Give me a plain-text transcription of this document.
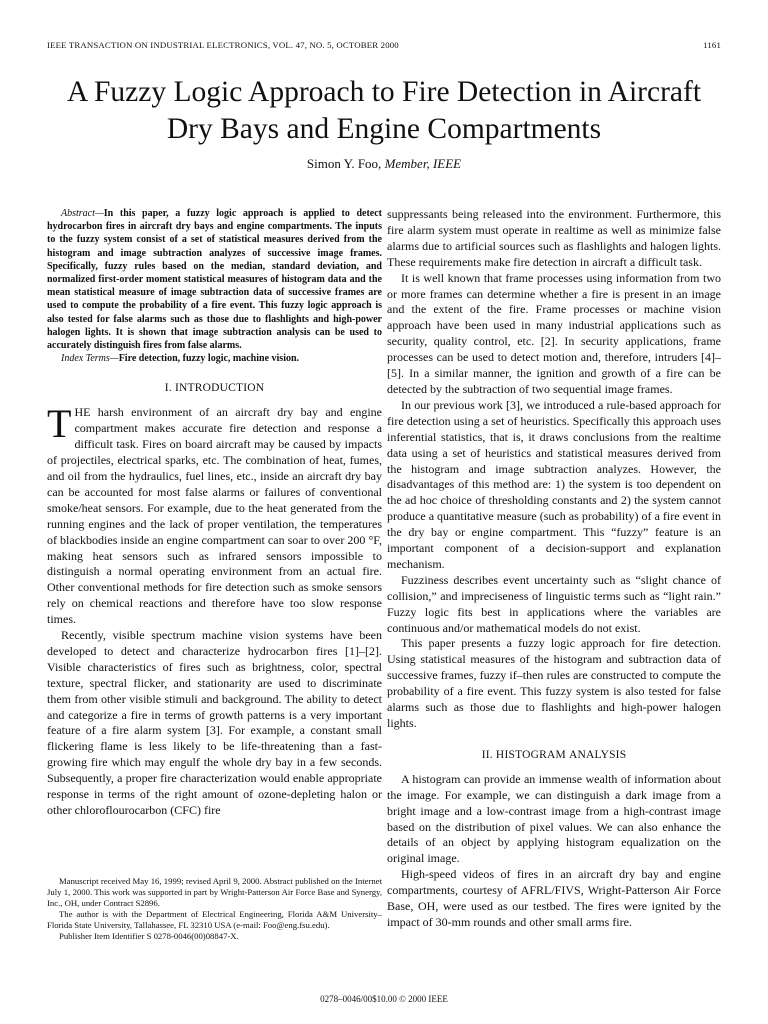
IEEE TRANSACTION ON INDUSTRIAL ELECTRONICS, VOL. 47, NO. 5, OCTOBER 2000	1161
A Fuzzy Logic Approach to Fire Detection in Aircraft
Dry Bays and Engine Compartments
Simon Y. Foo, Member, IEEE

Abstract—In this paper, a fuzzy logic approach is applied to detect hydrocarbon fires in aircraft dry bays and engine compartments. The inputs to the fuzzy system consist of a set of statistical measures derived from the histogram and image subtraction analyzes of successive image frames. Specifically, fuzzy rules based on the median, standard deviation, and normalized first-order moment statistical measures of histogram data and the mean statistical measure of image subtraction data of successive frames are used to compute the probability of a fire event. This fuzzy logic approach is also tested for false alarms such as those due to flashlights and high-power halogen lights. It is shown that image subtraction analysis can be used to accurately distinguish fires from false alarms.

Index Terms—Fire detection, fuzzy logic, machine vision.

I. INTRODUCTION

THE harsh environment of an aircraft dry bay and engine compartment makes accurate fire detection and response a difficult task. Fires on board aircraft may be caused by impacts of projectiles, electrical sparks, etc. The combination of heat, fumes, and oil from the hydraulics, fuel lines, etc., inside an aircraft dry bay can be accounted for most false alarms or failures of conventional smoke/heat sensors. For example, due to the heat generated from the running engines and the lack of proper ventilation, the temperatures of blackbodies inside an engine compartment can soar to over 200 °F, making heat sensors such as infrared sensors impossible to distinguish a normal operating environment from an actual fire. Other conventional methods for fire detection such as smoke sensors rely on chemical reactions and therefore have too slow response times.

Recently, visible spectrum machine vision systems have been developed to detect and characterize hydrocarbon fires [1]–[2]. Visible characteristics of fires such as brightness, color, spectral texture, spectral flicker, and stationarity are used to discriminate them from other visible stimuli and background. The ability to detect and categorize a fire in terms of growth patterns is a very important feature of a fire alarm system [3]. For example, a constant small flickering flame is less likely to be life-threatening than a fast-growing fire which may engulf the whole dry bay in a few seconds. Subsequently, a proper fire characterization would enable appropriate response in terms of the right amount of ozone-depleting halon or other chloroflourocarbon (CFC) fire

Manuscript received May 16, 1999; revised April 9, 2000. Abstract published on the Internet July 1, 2000. This work was supported in part by Wright-Patterson Air Force Base and Synergy, Inc., OH, under Contract S2896.

The author is with the Department of Electrical Engineering, Florida A&M University–Florida State University, Tallahassee, FL 32310 USA (e-mail: Foo@eng.fsu.edu).

Publisher Item Identifier S 0278-0046(00)08847-X.

suppressants being released into the environment. Furthermore, this fire alarm system must operate in realtime as well as minimize false alarms due to artificial sources such as flashlights and halogen lights. These requirements make fire detection in aircraft a difficult task.

It is well known that frame processes using information from two or more frames can determine whether a fire is present in an image and the extent of the fire. Frame processes or machine vision approach have been used in many industrial applications such as security, quality control, etc. [2]. In security applications, frame processes can be used to detect motion and, therefore, intruders [4]–[5]. In a similar manner, the ignition and growth of a fire can be detected by the subtraction of two sequential image frames.

In our previous work [3], we introduced a rule-based approach for fire detection using a set of heuristics. Specifically this approach uses inferential statistics, that is, it draws conclusions from the realtime data using a set of heuristics and statistical measures derived from the histogram and image subtraction analyzes. However, the disadvantages of this method are: 1) the system is too dependent on the ad hoc choice of thresholding constants and 2) the system cannot produce a quantitative measure (such as probability) of a fire event in the dry bay or engine compartment. This “fuzzy” feature is an important component of a decision-support and explanation mechanism.

Fuzziness describes event uncertainty such as “slight chance of collision,” and impreciseness of linguistic terms such as “light rain.” Fuzzy logic fits best in applications where the variables are continuous and/or mathematical models do not exist.

This paper presents a fuzzy logic approach for fire detection. Using statistical measures of the histogram and subtraction data of successive frames, fuzzy if–then rules are constructed to compute the probability of a fire event. This fuzzy system is also tested for false alarms such as those due to flashlights and high-power halogen lights.

II. HISTOGRAM ANALYSIS

A histogram can provide an immense wealth of information about the image. For example, we can distinguish a dark image from a bright image and a low-contrast image from a high-contrast image based on the distribution of pixel values. We can also enhance the details of an object by applying histogram equalization on the original image.

High-speed videos of fires in an aircraft dry bay and engine compartments, courtesy of AFRL/FIVS, Wright-Patterson Air Force Base, OH, were used as our testbed. The fires were ignited by the impact of 30-mm rounds and other small arms fire.

0278–0046/00$10.00 © 2000 IEEE
